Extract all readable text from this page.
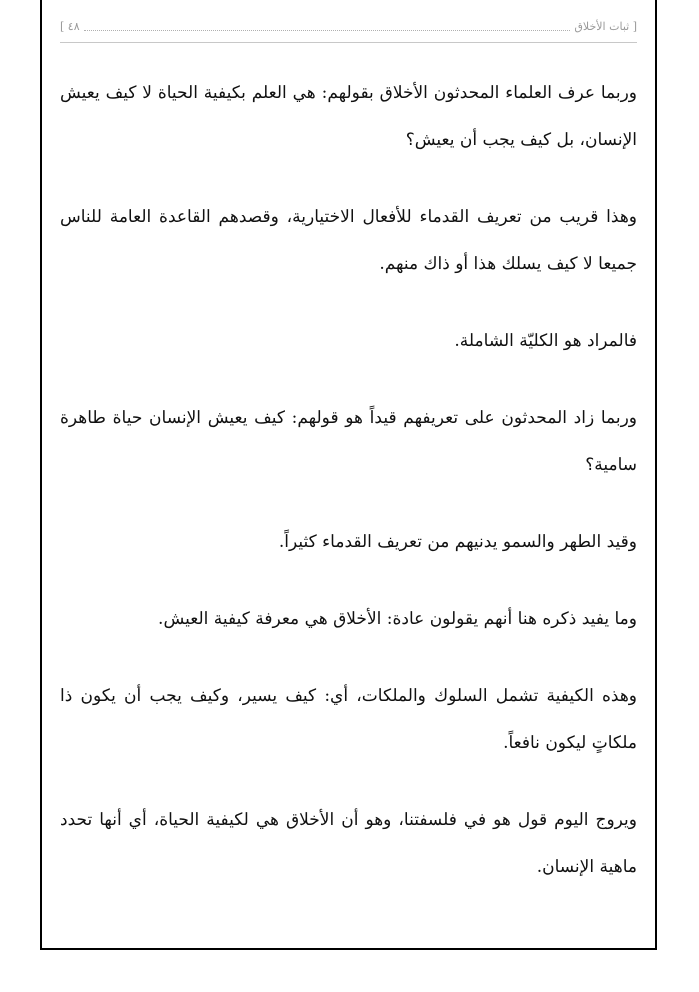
[ ثبات الأخلاق
٤٨ ]

وربما عرف العلماء المحدثون الأخلاق بقولهم: هي العلم بكيفية الحياة لا كيف يعيش الإنسان، بل كيف يجب أن يعيش؟

وهذا قريب من تعريف القدماء للأفعال الاختيارية، وقصدهم القاعدة العامة للناس جميعا لا كيف يسلك هذا أو ذاك منهم.

فالمراد هو الكليّة الشاملة.

وربما زاد المحدثون على تعريفهم قيداً هو قولهم: كيف يعيش الإنسان حياة طاهرة سامية؟

وقيد الطهر والسمو يدنيهم من تعريف القدماء كثيراً.

وما يفيد ذكره هنا أنهم يقولون عادة: الأخلاق هي معرفة كيفية العيش.

وهذه الكيفية تشمل السلوك والملكات، أي: كيف يسير، وكيف يجب أن يكون ذا ملكاتٍ ليكون نافعاً.

ويروج اليوم قول هو في فلسفتنا، وهو أن الأخلاق هي لكيفية الحياة، أي أنها تحدد ماهية الإنسان.
